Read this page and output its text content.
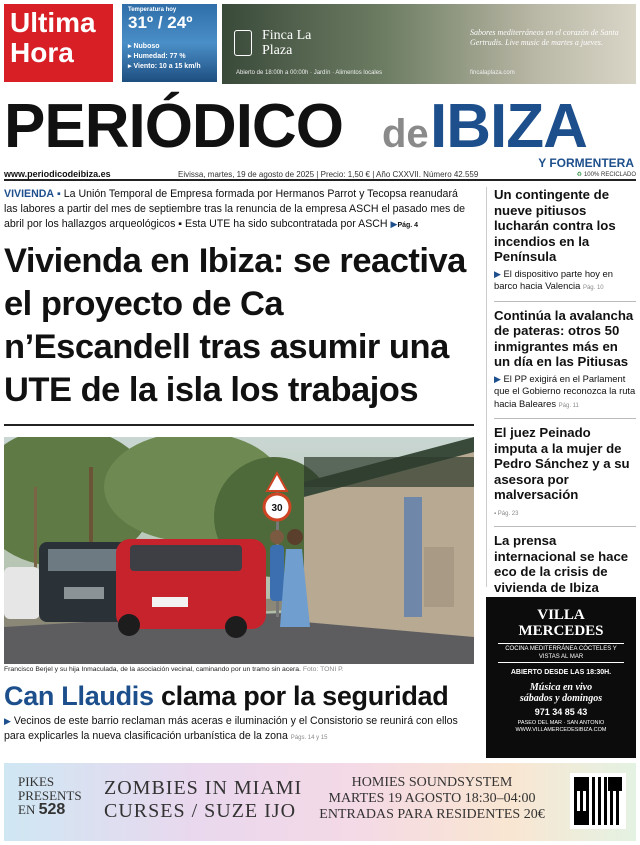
Ultima Hora
Temperatura hoy
31º / 24º
▸ Nuboso
▸ Humedad: 77 %
▸ Viento: 10 a 15 km/h
Finca La Plaza
Abierto de 18:00h a 00:00h · Jardín · Alimentos locales
Sabores mediterráneos en el corazón de Santa Gertrudis. Live music de martes a jueves.
fincalaplaza.com
PERIÓDICO de IBIZA
Y FORMENTERA
www.periodicodeibiza.es	Eivissa, martes, 19 de agosto de 2025 | Precio: 1,50 € | Año CXXVII. Número 42.559
♻	100% RECICLADO
VIVIENDA ▪ La Unión Temporal de Empresa formada por Hermanos Parrot y Tecopsa reanudará las labores a partir del mes de septiembre tras la renuncia de la empresa ASCH el pasado mes de abril por los hallazgos arqueológicos ▪ Esta UTE ha sido subcontratada por ASCH ▶Pág. 4
Vivienda en Ibiza: se reactiva el proyecto de Ca n’Escandell tras asumir una UTE de la isla los trabajos
30
Francisco Berjel y su hija Inmaculada, de la asociación vecinal, caminando por un tramo sin acera. Foto: TONI P.
Can Llaudis clama por la seguridad
▶ Vecinos de este barrio reclaman más aceras e iluminación y el Consistorio se reunirá con ellos para explicarles la nueva clasificación urbanística de la zona Págs. 14 y 15
Un contingente de nueve pitiusos lucharán contra los incendios en la Península
▶ El dispositivo parte hoy en barco hacia Valencia Pág. 10
Continúa la avalancha de pateras: otros 50 inmigrantes más en un día en las Pitiusas
▶ El PP exigirá en el Parlament que el Gobierno reconozca la ruta hacia Baleares Pág. 11
El juez Peinado imputa a la mujer de Pedro Sánchez y a su asesora por malversación
▪ Pág. 23
La prensa internacional se hace eco de la crisis de vivienda de Ibiza
VILLA MERCEDES
COCINA MEDITERRÁNEA CÓCTELES Y VISTAS AL MAR
ABIERTO DESDE LAS 18:30H.
Música en vivo sábados y domingos
971 34 85 43
PASEO DEL MAR · SAN ANTONIO WWW.VILLAMERCEDESIBIZA.COM
PIKES PRESENTS
EN 528
ZOMBIES IN MIAMI
CURSES / SUZE IJO
HOMIES SOUNDSYSTEM
MARTES 19 AGOSTO 18:30–04:00
ENTRADAS PARA RESIDENTES 20€
